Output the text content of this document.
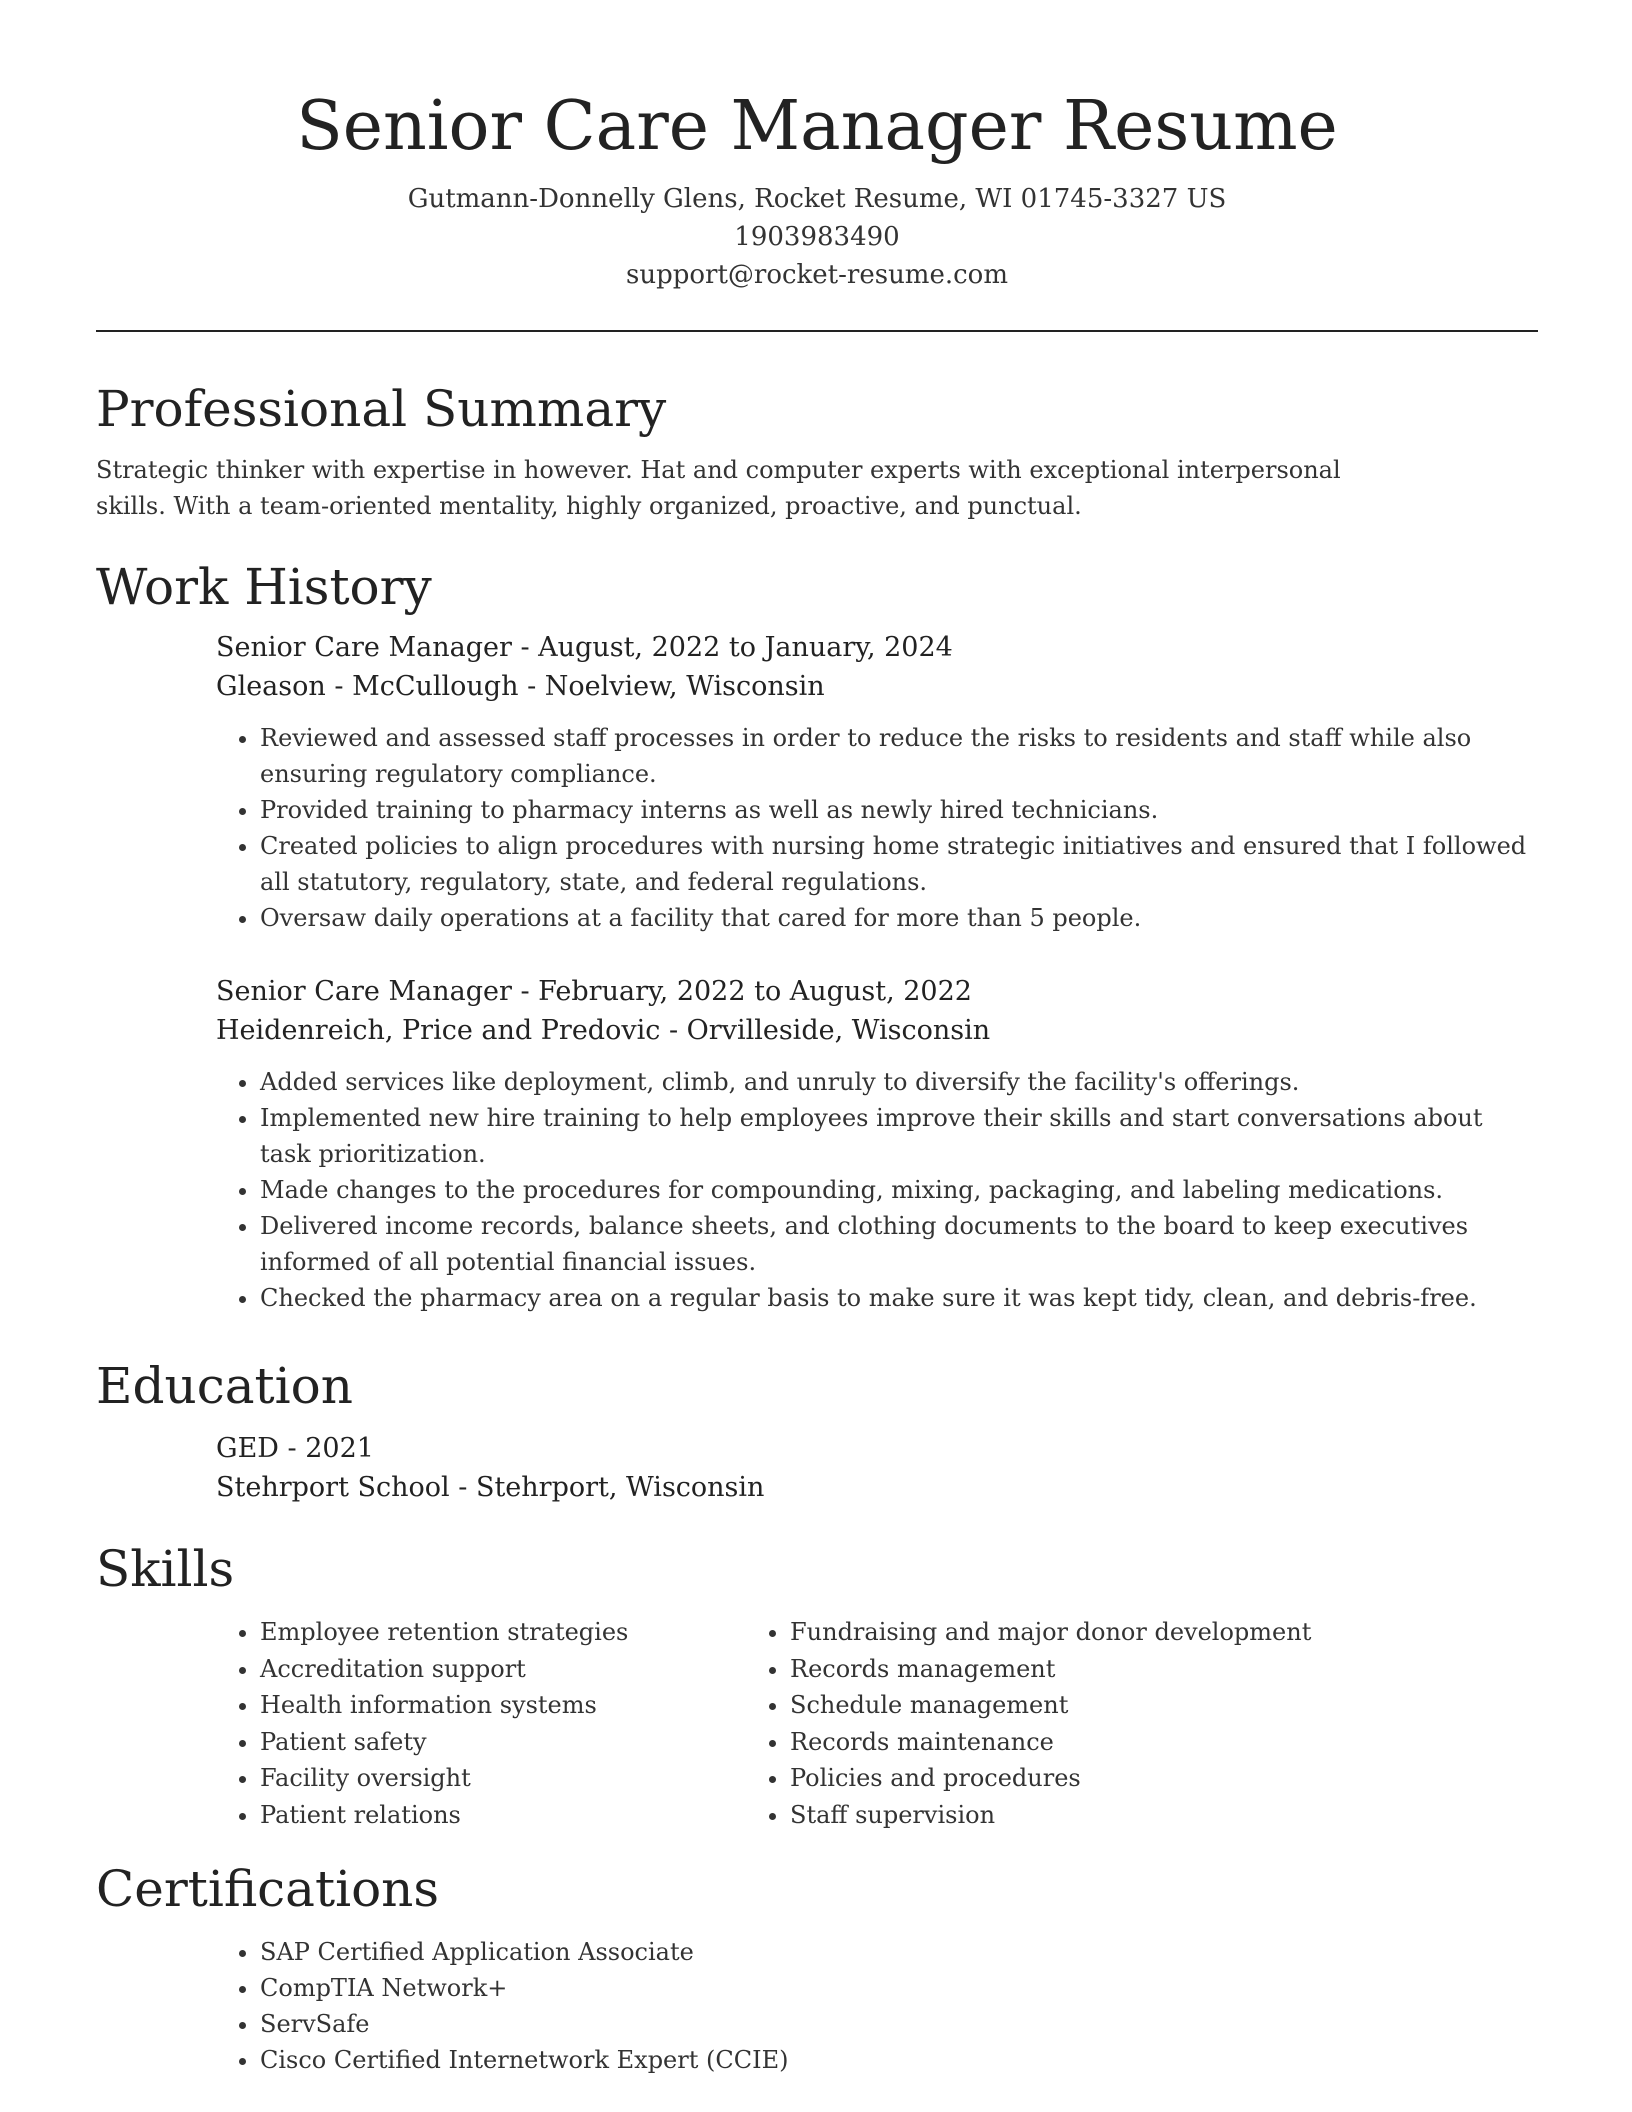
Senior Care Manager Resume
Gutmann-Donnelly Glens, Rocket Resume, WI 01745-3327 US
1903983490
support@rocket-resume.com
Professional Summary

Strategic thinker with expertise in however. Hat and computer experts with exceptional interpersonal skills. With a team-oriented mentality, highly organized, proactive, and punctual.

Work History
Senior Care Manager - August, 2022 to January, 2024
Gleason - McCullough - Noelview, Wisconsin
• Reviewed and assessed staff processes in order to reduce the risks to residents and staff while also ensuring regulatory compliance.
• Provided training to pharmacy interns as well as newly hired technicians.
• Created policies to align procedures with nursing home strategic initiatives and ensured that I followed all statutory, regulatory, state, and federal regulations.
• Oversaw daily operations at a facility that cared for more than 5 people.
Senior Care Manager - February, 2022 to August, 2022
Heidenreich, Price and Predovic - Orvilleside, Wisconsin
• Added services like deployment, climb, and unruly to diversify the facility's offerings.
• Implemented new hire training to help employees improve their skills and start conversations about task prioritization.
• Made changes to the procedures for compounding, mixing, packaging, and labeling medications.
• Delivered income records, balance sheets, and clothing documents to the board to keep executives informed of all potential financial issues.
• Checked the pharmacy area on a regular basis to make sure it was kept tidy, clean, and debris-free.
Education
GED - 2021
Stehrport School - Stehrport, Wisconsin
Skills
• Employee retention strategies
• Accreditation support
• Health information systems
• Patient safety
• Facility oversight
• Patient relations
• Fundraising and major donor development
• Records management
• Schedule management
• Records maintenance
• Policies and procedures
• Staff supervision
Certifications
• SAP Certified Application Associate
• CompTIA Network+
• ServSafe
• Cisco Certified Internetwork Expert (CCIE)
